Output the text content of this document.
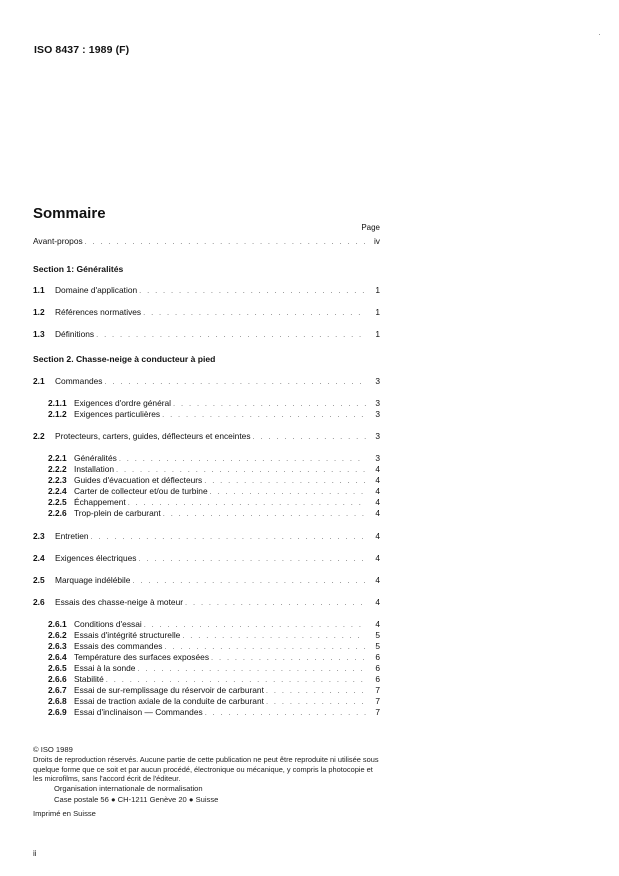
ISO 8437 : 1989 (F)
Sommaire
Page
Avant-propos . . .	iv
Section 1: Généralités
1.1	Domaine d'application . . .	1
1.2	Références normatives . . .	1
1.3	Définitions . . .	1
Section 2. Chasse-neige à conducteur à pied
2.1	Commandes . . .	3
2.1.1 Exigences d'ordre général . . .	3
2.1.2 Exigences particulières . . .	3
2.2	Protecteurs, carters, guides, déflecteurs et enceintes . . .	3
2.2.1 Généralités . . .	3
2.2.2 Installation . . .	4
2.2.3 Guides d'évacuation et déflecteurs . . .	4
2.2.4 Carter de collecteur et/ou de turbine . . .	4
2.2.5 Échappement . . .	4
2.2.6 Trop-plein de carburant . . .	4
2.3	Entretien . . .	4
2.4	Exigences électriques . . .	4
2.5	Marquage indélébile . . .	4
2.6	Essais des chasse-neige à moteur . . .	4
2.6.1 Conditions d'essai . . .	4
2.6.2 Essais d'intégrité structurelle . . .	5
2.6.3 Essais des commandes . . .	5
2.6.4 Température des surfaces exposées . . .	6
2.6.5 Essai à la sonde . . .	6
2.6.6 Stabilité . . .	6
2.6.7 Essai de sur-remplissage du réservoir de carburant . . .	7
2.6.8 Essai de traction axiale de la conduite de carburant . . .	7
2.6.9 Essai d'inclinaison — Commandes . . .	7
© ISO 1989
Droits de reproduction réservés. Aucune partie de cette publication ne peut être reproduite ni utilisée sous quelque forme que ce soit et par aucun procédé, électronique ou mécanique, y compris la photocopie et les microfilms, sans l'accord écrit de l'éditeur.
Organisation internationale de normalisation
Case postale 56 ● CH-1211 Genève 20 ● Suisse
Imprimé en Suisse
ii
